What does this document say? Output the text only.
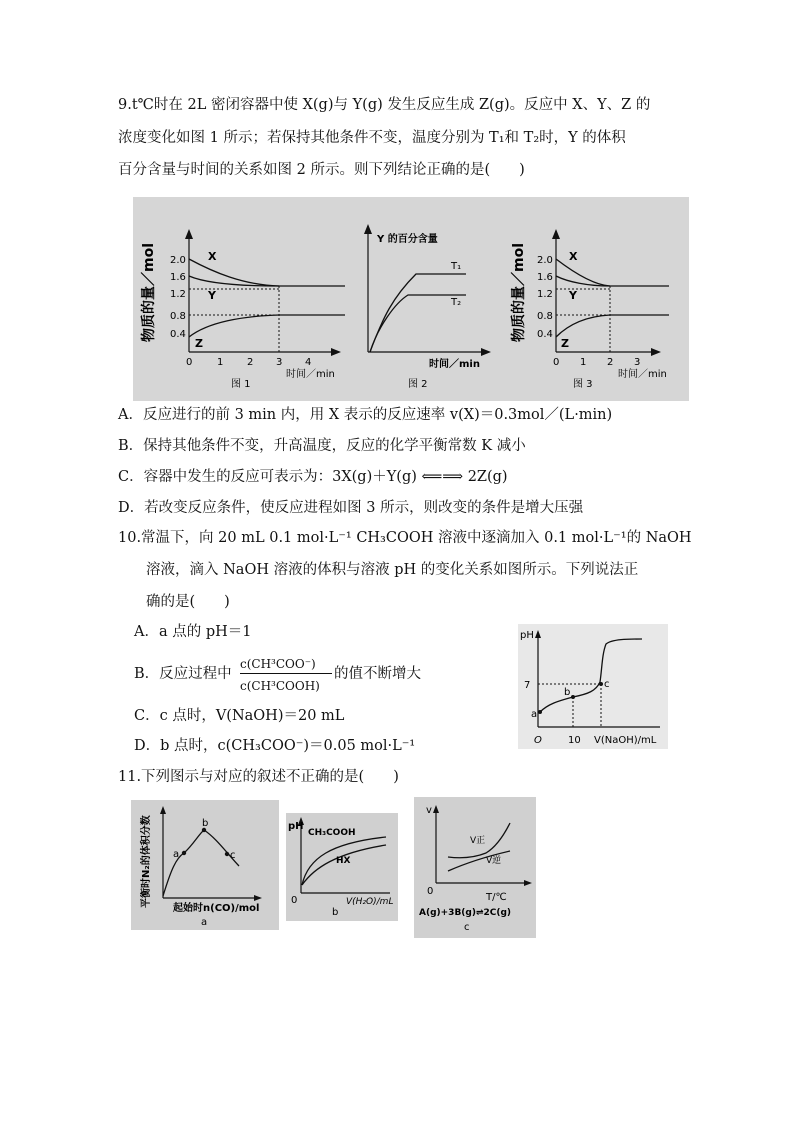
9.t℃时在 2L 密闭容器中使 X(g)与 Y(g) 发生反应生成 Z(g)。反应中 X、Y、Z 的
浓度变化如图 1 所示；若保持其他条件不变，温度分别为 T₁和 T₂时，Y 的体积
百分含量与时间的关系如图 2 所示。则下列结论正确的是(　　)
物质的量／mol 2.0
1.6
1.2
0.8
0.4
0 1 2 3 4
X
Y
Z
时间／min
图 1
Y 的百分含量
T₁
T₂
时间／min
图 2
物质的量／mol 2.0
1.6
1.2
0.8
0.4
0 1 2 3
X
Y
Z
时间／min
图 3
A．反应进行的前 3 min 内，用 X 表示的反应速率 v(X)＝0.3mol／(L·min)
B．保持其他条件不变，升高温度，反应的化学平衡常数 K 减小
C．容器中发生的反应可表示为：3X(g)＋Y(g) ⟸⟹ 2Z(g)
D．若改变反应条件，使反应进程如图 3 所示，则改变的条件是增大压强
10.常温下，向 20 mL 0.1 mol·L⁻¹ CH₃COOH 溶液中逐滴加入 0.1 mol·L⁻¹的 NaOH
溶液，滴入 NaOH 溶液的体积与溶液 pH 的变化关系如图所示。下列说法正
确的是(　　)
A．a 点的 pH＝1
B．反应过程中
c(CH³COO⁻)
c(CH³COOH)
的值不断增大
C．c 点时，V(NaOH)＝20 mL
D．b 点时，c(CH₃COO⁻)＝0.05 mol·L⁻¹
pH
7
O	10 V(NaOH)/mL
a
b
c
11.下列图示与对应的叙述不正确的是(　　)
平衡时N₂的体积分数 a
b
c
起始时n(CO)/mol
a
pH
0
CH₃COOH
HX
V(H₂O)/mL
b
v
0
V正
V逆
T/℃
A(g)+3B(g)⇌2C(g)
c
